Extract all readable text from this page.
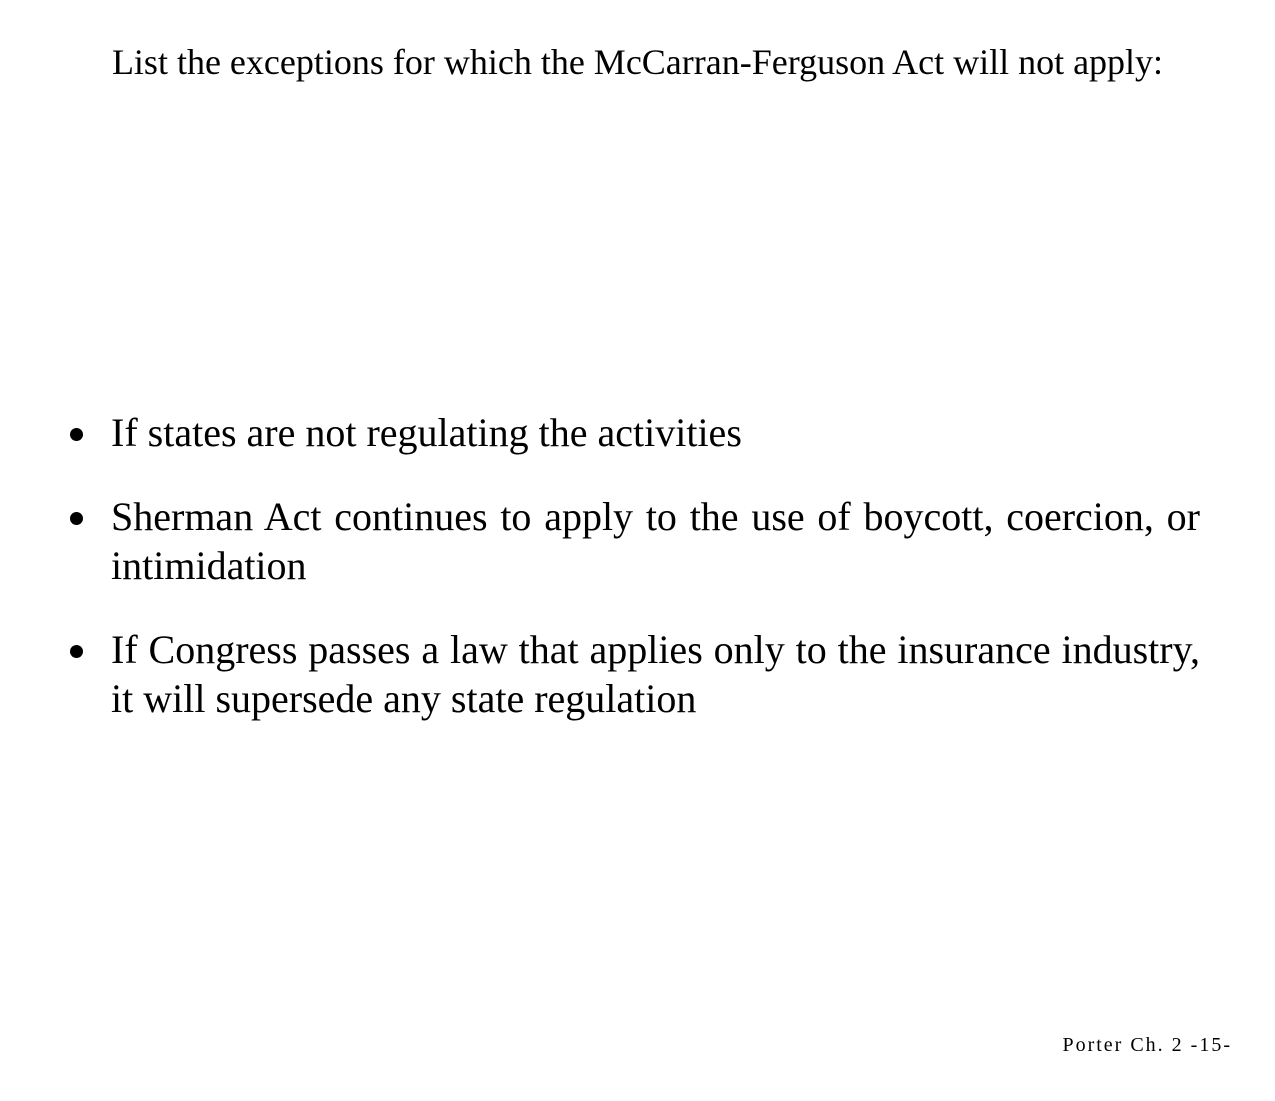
List the exceptions for which the McCarran-Ferguson Act will not apply:
If states are not regulating the activities
Sherman Act continues to apply to the use of boycott, coercion, or intimidation
If Congress passes a law that applies only to the insurance industry, it will supersede any state regulation
Porter Ch. 2 -15-
